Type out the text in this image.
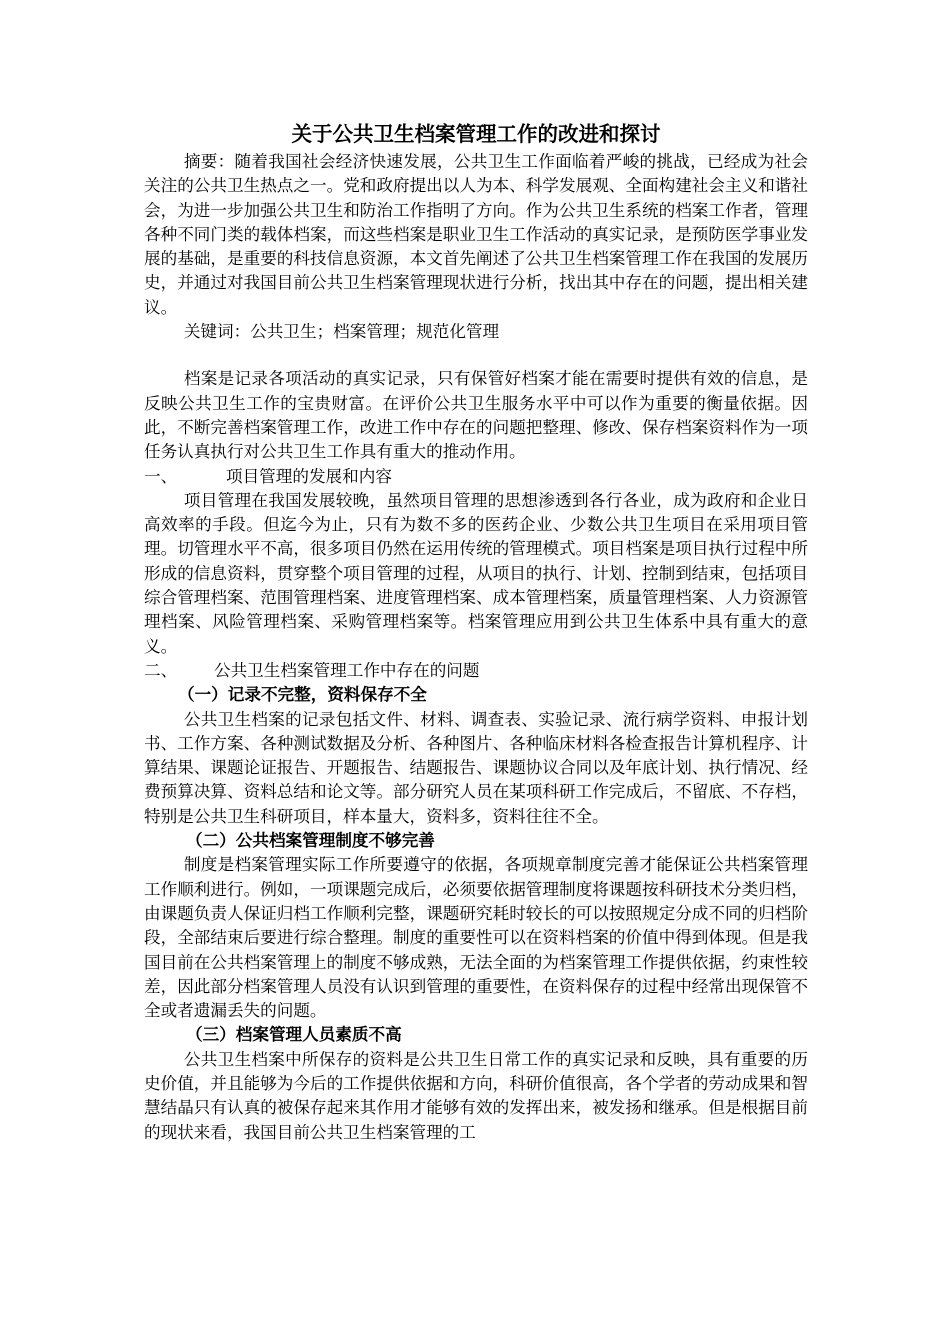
关于公共卫生档案管理工作的改进和探讨

摘要：随着我国社会经济快速发展，公共卫生工作面临着严峻的挑战，已经成为社会关注的公共卫生热点之一。党和政府提出以人为本、科学发展观、全面构建社会主义和谐社会，为进一步加强公共卫生和防治工作指明了方向。作为公共卫生系统的档案工作者，管理各种不同门类的载体档案，而这些档案是职业卫生工作活动的真实记录，是预防医学事业发展的基础，是重要的科技信息资源，本文首先阐述了公共卫生档案管理工作在我国的发展历史，并通过对我国目前公共卫生档案管理现状进行分析，找出其中存在的问题，提出相关建议。

关键词：公共卫生；档案管理；规范化管理

档案是记录各项活动的真实记录，只有保管好档案才能在需要时提供有效的信息，是反映公共卫生工作的宝贵财富。在评价公共卫生服务水平中可以作为重要的衡量依据。因此，不断完善档案管理工作，改进工作中存在的问题把整理、修改、保存档案资料作为一项任务认真执行对公共卫生工作具有重大的推动作用。

一、	项目管理的发展和内容

项目管理在我国发展较晚，虽然项目管理的思想渗透到各行各业，成为政府和企业日高效率的手段。但迄今为止，只有为数不多的医药企业、少数公共卫生项目在采用项目管理。切管理水平不高，很多项目仍然在运用传统的管理模式。项目档案是项目执行过程中所形成的信息资料，贯穿整个项目管理的过程，从项目的执行、计划、控制到结束，包括项目综合管理档案、范围管理档案、进度管理档案、成本管理档案，质量管理档案、人力资源管理档案、风险管理档案、采购管理档案等。档案管理应用到公共卫生体系中具有重大的意义。

二、	公共卫生档案管理工作中存在的问题
（一）记录不完整，资料保存不全

公共卫生档案的记录包括文件、材料、调查表、实验记录、流行病学资料、申报计划书、工作方案、各种测试数据及分析、各种图片、各种临床材料各检查报告计算机程序、计算结果、课题论证报告、开题报告、结题报告、课题协议合同以及年底计划、执行情况、经费预算决算、资料总结和论文等。部分研究人员在某项科研工作完成后，不留底、不存档，特别是公共卫生科研项目，样本量大，资料多，资料往往不全。

（二）公共档案管理制度不够完善

制度是档案管理实际工作所要遵守的依据，各项规章制度完善才能保证公共档案管理工作顺利进行。例如，一项课题完成后，必须要依据管理制度将课题按科研技术分类归档，由课题负责人保证归档工作顺利完整，课题研究耗时较长的可以按照规定分成不同的归档阶段，全部结束后要进行综合整理。制度的重要性可以在资料档案的价值中得到体现。但是我国目前在公共档案管理上的制度不够成熟，无法全面的为档案管理工作提供依据，约束性较差，因此部分档案管理人员没有认识到管理的重要性，在资料保存的过程中经常出现保管不全或者遗漏丢失的问题。

（三）档案管理人员素质不高

公共卫生档案中所保存的资料是公共卫生日常工作的真实记录和反映，具有重要的历史价值，并且能够为今后的工作提供依据和方向，科研价值很高，各个学者的劳动成果和智慧结晶只有认真的被保存起来其作用才能够有效的发挥出来，被发扬和继承。但是根据目前的现状来看，我国目前公共卫生档案管理的工
